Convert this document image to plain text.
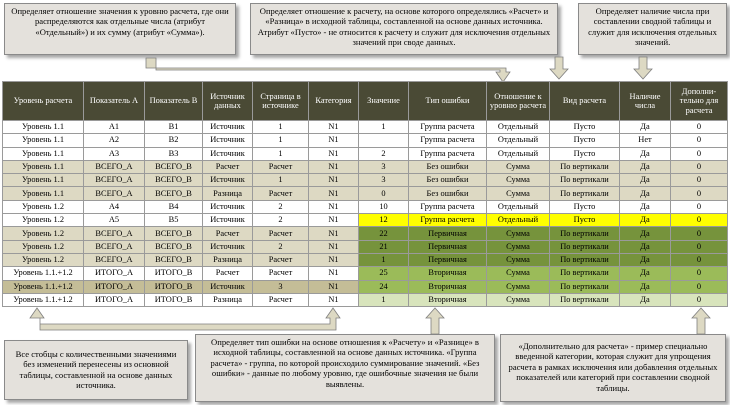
Определяет отношение значения к уровню расчета, где они распределяются как отдельные числа (атрибут «Отдельный») и их сумму (атрибут «Сумма»).
Определяет отношение к расчету, на основе которого определялись «Расчет» и «Разница» в исходной таблицы, составленной на основе данных источника. Атрибут «Пусто» - не относится к расчету и служит для исключения отдельных значений при своде данных.
Определяет наличие числа при составлении сводной таблицы и служит для исключения отдельных значений.
Все стобцы с количественными значениями без изменений перенесены из основной таблицы, составленной на основе данных источника.
Определяет тип ошибки на основе отношения к «Расчету» и «Разнице» в исходной таблицы, составленной на основе данных источника. «Группа расчета» - группа, по которой происходило суммирование значений. «Без ошибки» - данные по любому уровню, где ошибочные значения не были выявлены.
«Дополнительно для расчета» - пример специально введенной категории, которая служит для упрощения расчета в рамках исключения или добавления отдельных показателей или категорий при составлении сводной таблицы.
Уровень расчета	Показатель А	Показатель В	Источник данных	Страница в источнике	Категория	Значение	Тип ошибки	Отношение к уровню расчета	Вид расчета	Наличие числа	Дополни-тельно для расчета
Уровень 1.1	А1	В1	Источник	1	N1	1	Группа расчета	Отдельный	Пусто	Да	0
Уровень 1.1	А2	В2	Источник	1	N1		Группа расчета	Отдельный	Пусто	Нет	0
Уровень 1.1	А3	В3	Источник	1	N1	2	Группа расчета	Отдельный	Пусто	Да	0
Уровень 1.1	ВСЕГО_А	ВСЕГО_В	Расчет	Расчет	N1	3	Без ошибки	Сумма	По вертикали	Да	0
Уровень 1.1	ВСЕГО_А	ВСЕГО_В	Источник	1	N1	3	Без ошибки	Сумма	По вертикали	Да	0
Уровень 1.1	ВСЕГО_А	ВСЕГО_В	Разница	Расчет	N1	0	Без ошибки	Сумма	По вертикали	Да	0
Уровень 1.2	А4	В4	Источник	2	N1	10	Группа расчета	Отдельный	Пусто	Да	0
Уровень 1.2	А5	В5	Источник	2	N1	12	Группа расчета	Отдельный	Пусто	Да	0
Уровень 1.2	ВСЕГО_А	ВСЕГО_В	Расчет	Расчет	N1	22	Первичная	Сумма	По вертикали	Да	0
Уровень 1.2	ВСЕГО_А	ВСЕГО_В	Источник	2	N1	21	Первичная	Сумма	По вертикали	Да	0
Уровень 1.2	ВСЕГО_А	ВСЕГО_В	Разница	Расчет	N1	1	Первичная	Сумма	По вертикали	Да	0
Уровень 1.1.+1.2	ИТОГО_А	ИТОГО_В	Расчет	Расчет	N1	25	Вторичная	Сумма	По вертикали	Да	0
Уровень 1.1.+1.2	ИТОГО_А	ИТОГО_В	Источник	3	N1	24	Вторичная	Сумма	По вертикали	Да	0
Уровень 1.1.+1.2	ИТОГО_А	ИТОГО_В	Разница	Расчет	N1	1	Вторичная	Сумма	По вертикали	Да	0
